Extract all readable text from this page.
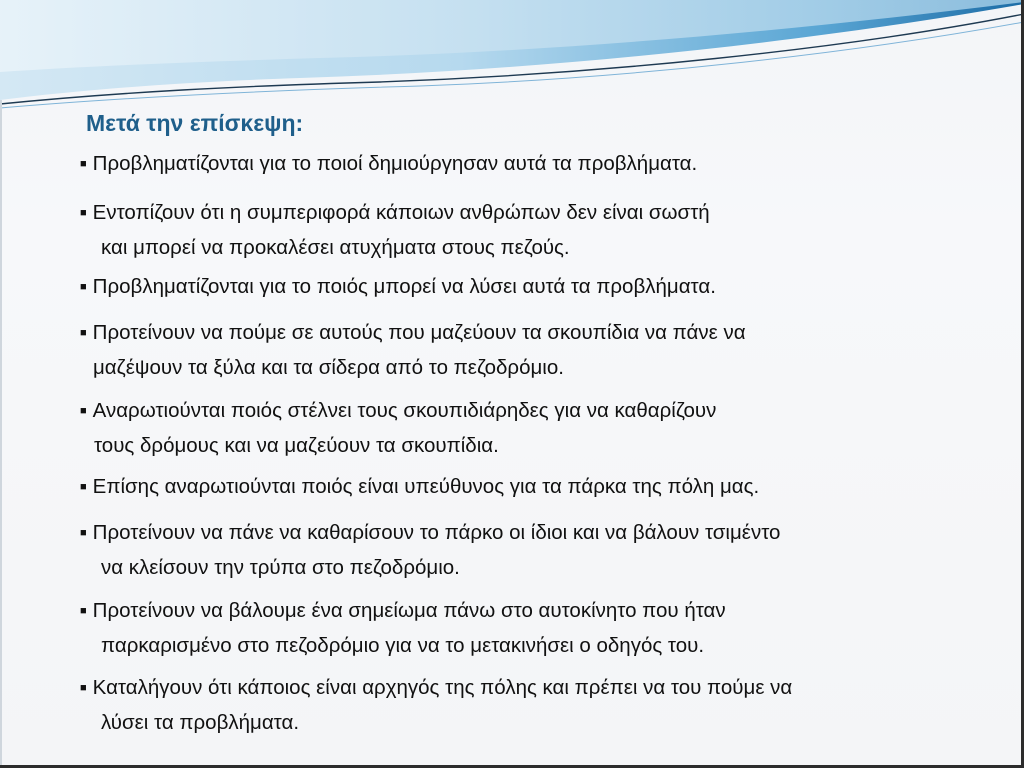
Μετά την επίσκεψη:
■ Προβληματίζονται για το ποιοί δημιούργησαν αυτά τα προβλήματα.
■ Εντοπίζουν ότι η συμπεριφορά κάποιων ανθρώπων δεν είναι σωστή
και μπορεί να προκαλέσει ατυχήματα στους πεζούς.
■ Προβληματίζονται για το ποιός μπορεί να λύσει αυτά τα προβλήματα.
■ Προτείνουν να πούμε σε αυτούς που μαζεύουν τα σκουπίδια να πάνε να
μαζέψουν τα ξύλα και τα σίδερα από το πεζοδρόμιο.
■ Αναρωτιούνται ποιός στέλνει τους σκουπιδιάρηδες για να καθαρίζουν
τους δρόμους και να μαζεύουν τα σκουπίδια.
■ Επίσης αναρωτιούνται ποιός είναι υπεύθυνος για τα πάρκα της πόλη μας.
■ Προτείνουν να πάνε να καθαρίσουν το πάρκο οι ίδιοι και να βάλουν τσιμέντο
να κλείσουν την τρύπα στο πεζοδρόμιο.
■ Προτείνουν να βάλουμε ένα σημείωμα πάνω στο αυτοκίνητο που ήταν
παρκαρισμένο στο πεζοδρόμιο για να το μετακινήσει ο οδηγός του.
■ Καταλήγουν ότι κάποιος είναι αρχηγός της πόλης και πρέπει να του πούμε να
λύσει τα προβλήματα.
